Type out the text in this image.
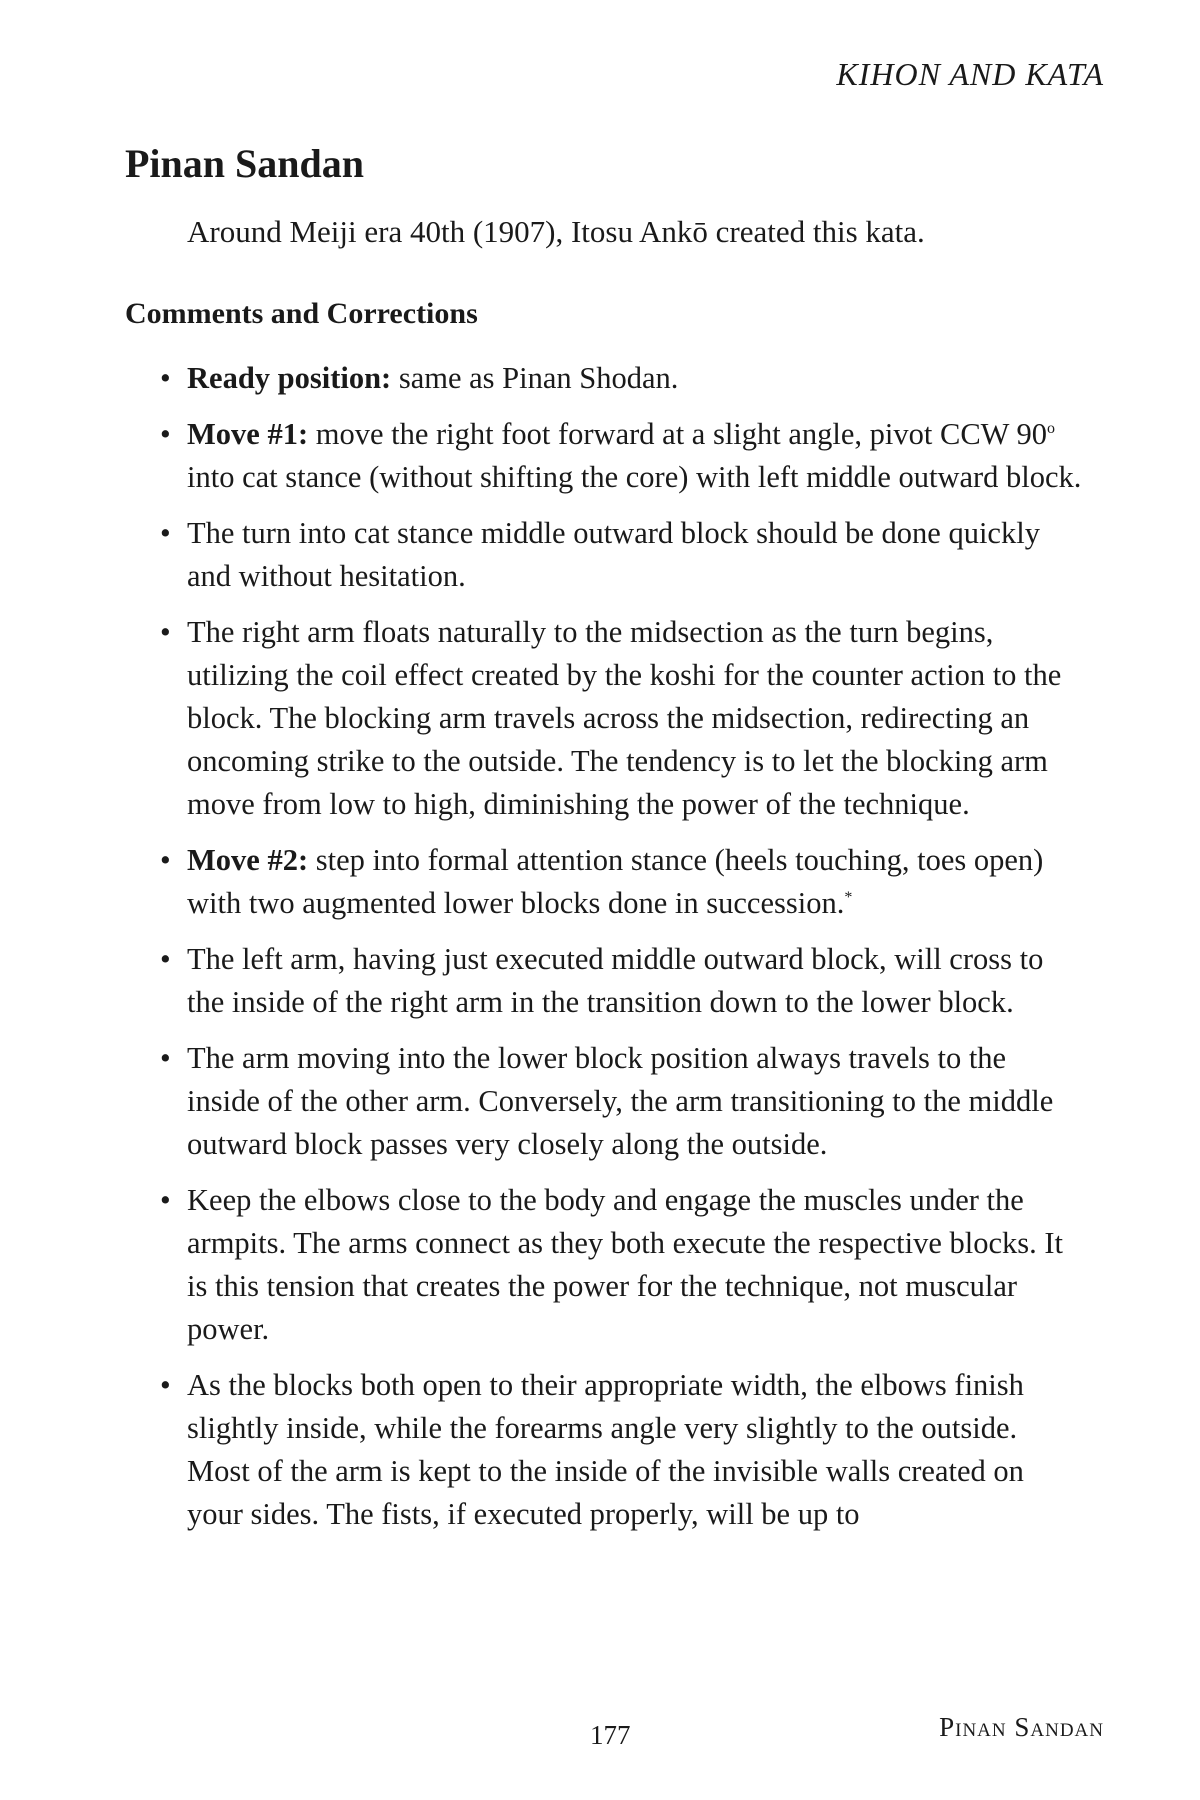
KIHON AND KATA
Pinan Sandan

Around Meiji era 40th (1907), Itosu Ankō created this kata.

Comments and Corrections
• Ready position: same as Pinan Shodan.
• Move #1: move the right foot forward at a slight angle, pivot CCW 90$^o$ into cat stance (without shifting the core) with left middle outward block.
• The turn into cat stance middle outward block should be done quickly and without hesitation.
• The right arm floats naturally to the midsection as the turn begins, utilizing the coil effect created by the koshi for the counter action to the block. The blocking arm travels across the midsection, redirecting an oncoming strike to the outside. The tendency is to let the blocking arm move from low to high, diminishing the power of the technique.
• Move #2: step into formal attention stance (heels touching, toes open) with two augmented lower blocks done in succession.*
• The left arm, having just executed middle outward block, will cross to the inside of the right arm in the transition down to the lower block.
• The arm moving into the lower block position always travels to the inside of the other arm. Conversely, the arm transitioning to the middle outward block passes very closely along the outside.
• Keep the elbows close to the body and engage the muscles under the armpits. The arms connect as they both execute the respective blocks. It is this tension that creates the power for the technique, not muscular power.
• As the blocks both open to their appropriate width, the elbows finish slightly inside, while the forearms angle very slightly to the outside. Most of the arm is kept to the inside of the invisible walls created on your sides. The fists, if executed properly, will be up to
177	Pinan Sandan
